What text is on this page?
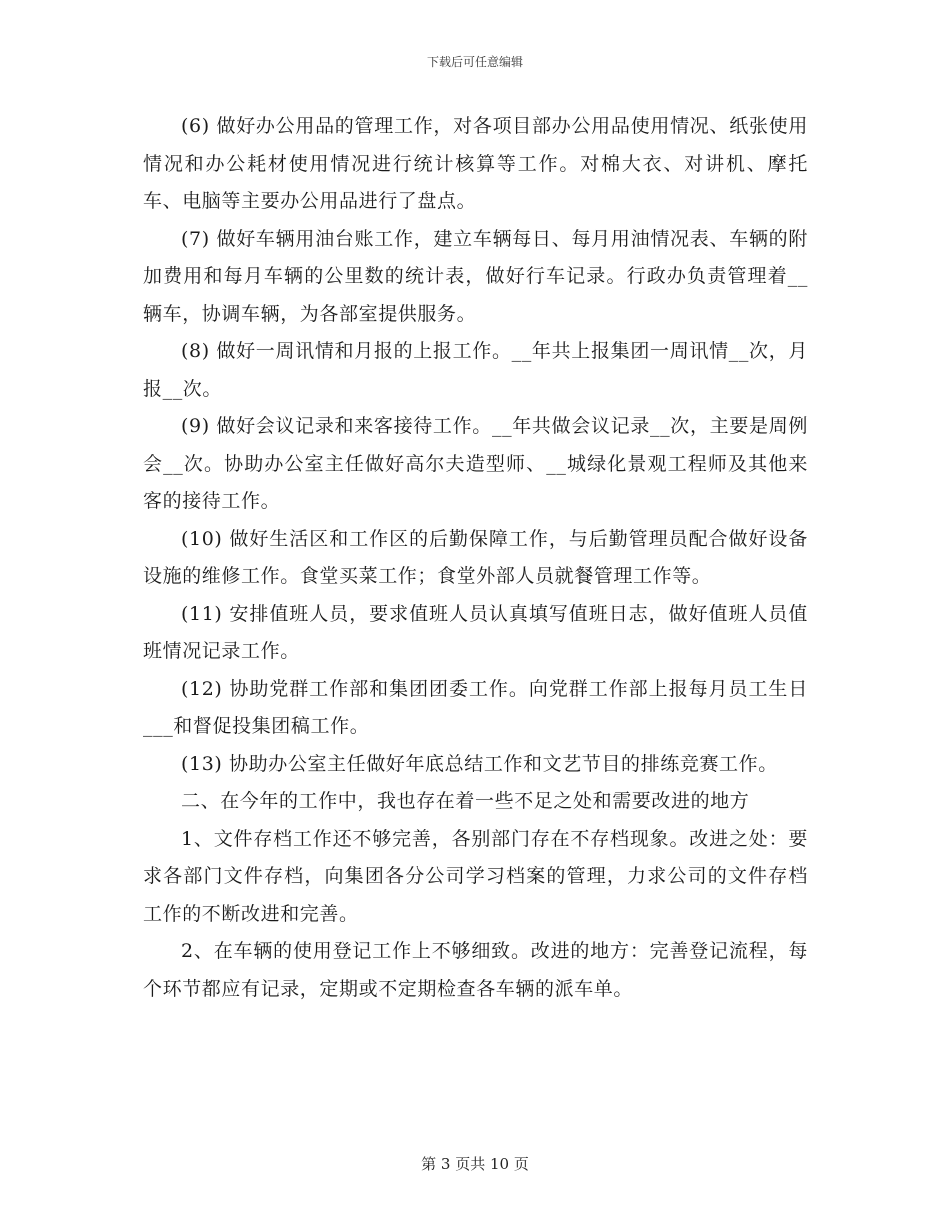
下载后可任意编辑

(6) 做好办公用品的管理工作，对各项目部办公用品使用情况、纸张使用情况和办公耗材使用情况进行统计核算等工作。对棉大衣、对讲机、摩托车、电脑等主要办公用品进行了盘点。

(7) 做好车辆用油台账工作，建立车辆每日、每月用油情况表、车辆的附加费用和每月车辆的公里数的统计表，做好行车记录。行政办负责管理着__辆车，协调车辆，为各部室提供服务。

(8) 做好一周讯情和月报的上报工作。__年共上报集团一周讯情__次，月报__次。

(9) 做好会议记录和来客接待工作。__年共做会议记录__次，主要是周例会__次。协助办公室主任做好高尔夫造型师、__城绿化景观工程师及其他来客的接待工作。

(10) 做好生活区和工作区的后勤保障工作，与后勤管理员配合做好设备设施的维修工作。食堂买菜工作；食堂外部人员就餐管理工作等。

(11) 安排值班人员，要求值班人员认真填写值班日志，做好值班人员值班情况记录工作。

(12) 协助党群工作部和集团团委工作。向党群工作部上报每月员工生日___和督促投集团稿工作。

(13) 协助办公室主任做好年底总结工作和文艺节目的排练竞赛工作。

二、在今年的工作中，我也存在着一些不足之处和需要改进的地方

1、文件存档工作还不够完善，各别部门存在不存档现象。改进之处：要求各部门文件存档，向集团各分公司学习档案的管理，力求公司的文件存档工作的不断改进和完善。

2、在车辆的使用登记工作上不够细致。改进的地方：完善登记流程，每个环节都应有记录，定期或不定期检查各车辆的派车单。

第 3 页共 10 页
